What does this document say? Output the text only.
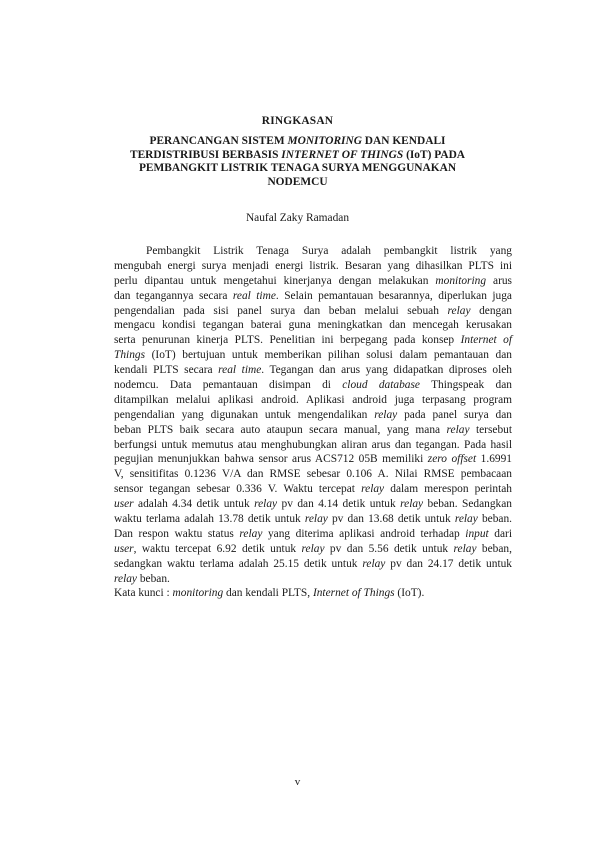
RINGKASAN
PERANCANGAN SISTEM MONITORING DAN KENDALI
TERDISTRIBUSI BERBASIS INTERNET OF THINGS (IoT) PADA
PEMBANGKIT LISTRIK TENAGA SURYA MENGGUNAKAN
NODEMCU
Naufal Zaky Ramadan
Pembangkit Listrik Tenaga Surya adalah pembangkit listrik yang
mengubah energi surya menjadi energi listrik. Besaran yang dihasilkan PLTS ini
perlu dipantau untuk mengetahui kinerjanya dengan melakukan monitoring arus
dan tegangannya secara real time. Selain pemantauan besarannya, diperlukan juga
pengendalian pada sisi panel surya dan beban melalui sebuah relay dengan
mengacu kondisi tegangan baterai guna meningkatkan dan mencegah kerusakan
serta penurunan kinerja PLTS. Penelitian ini berpegang pada konsep Internet of
Things (IoT) bertujuan untuk memberikan pilihan solusi dalam pemantauan dan
kendali PLTS secara real time. Tegangan dan arus yang didapatkan diproses oleh
nodemcu. Data pemantauan disimpan di cloud database Thingspeak dan
ditampilkan melalui aplikasi android. Aplikasi android juga terpasang program
pengendalian yang digunakan untuk mengendalikan relay pada panel surya dan
beban PLTS baik secara auto ataupun secara manual, yang mana relay tersebut
berfungsi untuk memutus atau menghubungkan aliran arus dan tegangan. Pada hasil
pegujian menunjukkan bahwa sensor arus ACS712 05B memiliki zero offset 1.6991
V, sensitifitas 0.1236 V/A dan RMSE sebesar 0.106 A. Nilai RMSE pembacaan
sensor tegangan sebesar 0.336 V. Waktu tercepat relay dalam merespon perintah
user adalah 4.34 detik untuk relay pv dan 4.14 detik untuk relay beban. Sedangkan
waktu terlama adalah 13.78 detik untuk relay pv dan 13.68 detik untuk relay beban.
Dan respon waktu status relay yang diterima aplikasi android terhadap input dari
user, waktu tercepat 6.92 detik untuk relay pv dan 5.56 detik untuk relay beban,
sedangkan waktu terlama adalah 25.15 detik untuk relay pv dan 24.17 detik untuk
relay beban.
Kata kunci : monitoring dan kendali PLTS, Internet of Things (IoT).
v
